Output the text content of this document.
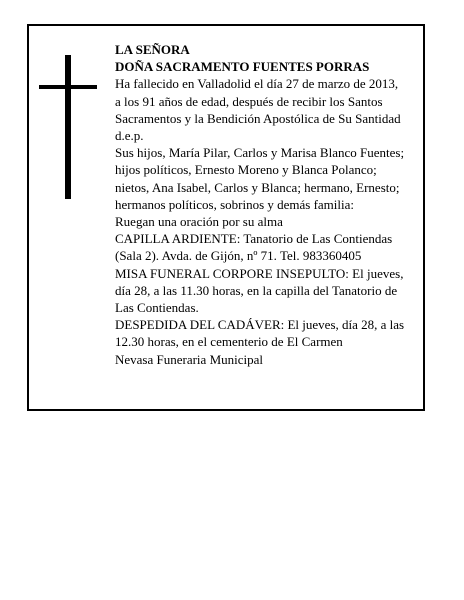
LA SEÑORA

DOÑA SACRAMENTO FUENTES PORRAS

Ha fallecido en Valladolid el día 27 de marzo de 2013,

a los 91 años de edad, después de recibir los Santos

Sacramentos y la Bendición Apostólica de Su Santidad

d.e.p.

Sus hijos, María Pilar, Carlos y Marisa Blanco Fuentes;

hijos políticos, Ernesto Moreno y Blanca Polanco;

nietos, Ana Isabel, Carlos y Blanca; hermano, Ernesto;

hermanos políticos, sobrinos y demás familia:

Ruegan una oración por su alma

CAPILLA ARDIENTE: Tanatorio de Las Contiendas

(Sala 2). Avda. de Gijón, nº 71. Tel. 983360405

MISA FUNERAL CORPORE INSEPULTO: El jueves,

día 28, a las 11.30 horas, en la capilla del Tanatorio de

Las Contiendas.

DESPEDIDA DEL CADÁVER: El jueves, día 28, a las

12.30 horas, en el cementerio de El Carmen

Nevasa Funeraria Municipal
